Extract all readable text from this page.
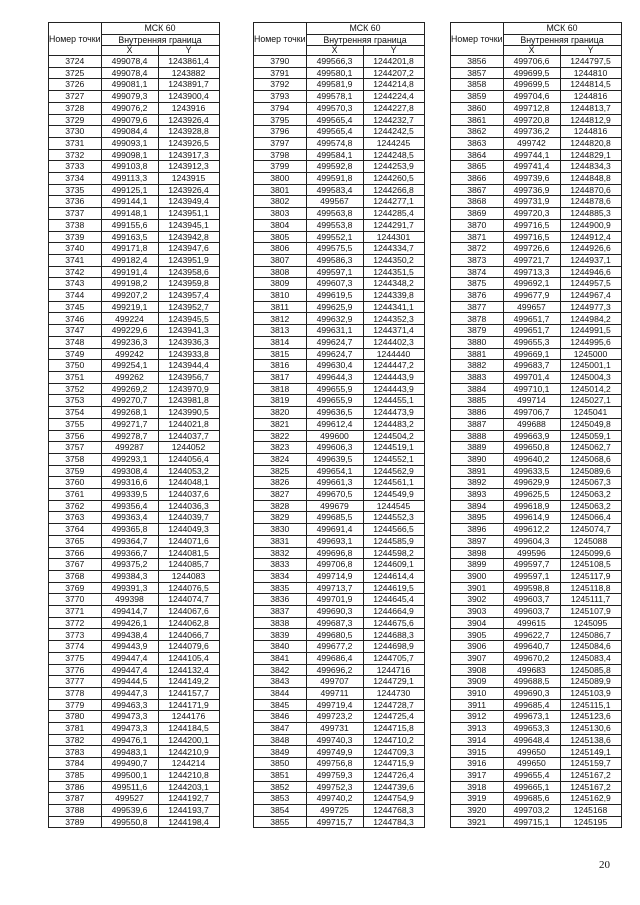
Номер точки	МСК 60	
	Внутренняя граница	
	X	Y
3724	499078,4	1243861,4
3725	499078,4	1243882
3726	499081,1	1243891,7
3727	499079,3	1243900,4
3728	499076,2	1243916
3729	499079,6	1243926,4
3730	499084,4	1243928,8
3731	499093,1	1243926,5
3732	499098,1	1243917,3
3733	499103,8	1243912,3
3734	499113,3	1243915
3735	499125,1	1243926,4
3736	499144,1	1243949,4
3737	499148,1	1243951,1
3738	499155,6	1243945,1
3739	499163,5	1243942,8
3740	499171,8	1243947,6
3741	499182,4	1243951,9
3742	499191,4	1243958,6
3743	499198,2	1243959,8
3744	499207,2	1243957,4
3745	499219,1	1243952,7
3746	499224	1243945,5
3747	499229,6	1243941,3
3748	499236,3	1243936,3
3749	499242	1243933,8
3750	499254,1	1243944,4
3751	499262	1243956,7
3752	499269,2	1243970,9
3753	499270,7	1243981,8
3754	499268,1	1243990,5
3755	499271,7	1244021,8
3756	499278,7	1244037,7
3757	499287	1244052
3758	499293,1	1244056,4
3759	499308,4	1244053,2
3760	499316,6	1244048,1
3761	499339,5	1244037,6
3762	499356,4	1244036,3
3763	499363,4	1244039,7
3764	499365,8	1244049,3
3765	499364,7	1244071,6
3766	499366,7	1244081,5
3767	499375,2	1244085,7
3768	499384,3	1244083
3769	499391,3	1244076,5
3770	499398	1244074,7
3771	499414,7	1244067,6
3772	499426,1	1244062,8
3773	499438,4	1244066,7
3774	499443,9	1244079,6
3775	499447,4	1244105,4
3776	499447,4	1244132,4
3777	499444,5	1244149,2
3778	499447,3	1244157,7
3779	499463,3	1244171,9
3780	499473,3	1244176
3781	499473,3	1244184,5
3782	499476,1	1244200,1
3783	499483,1	1244210,9
3784	499490,7	1244214
3785	499500,1	1244210,8
3786	499511,6	1244203,1
3787	499527	1244192,7
3788	499539,6	1244193,7
3789	499550,8	1244198,4
Номер точки	МСК 60	
	Внутренняя граница	
	X	Y
3790	499566,3	1244201,8
3791	499580,1	1244207,2
3792	499581,9	1244214,8
3793	499578,1	1244224,4
3794	499570,3	1244227,8
3795	499565,4	1244232,7
3796	499565,4	1244242,5
3797	499574,8	1244245
3798	499584,1	1244248,5
3799	499592,8	1244253,9
3800	499591,8	1244260,5
3801	499583,4	1244266,8
3802	499567	1244277,1
3803	499563,8	1244285,4
3804	499553,8	1244291,7
3805	499552,1	1244301
3806	499575,5	1244334,7
3807	499586,3	1244350,2
3808	499597,1	1244351,5
3809	499607,3	1244348,2
3810	499619,5	1244339,8
3811	499625,9	1244341,1
3812	499632,9	1244352,3
3813	499631,1	1244371,4
3814	499624,7	1244402,3
3815	499624,7	1244440
3816	499630,4	1244447,2
3817	499644,3	1244443,9
3818	499655,9	1244443,9
3819	499655,9	1244455,1
3820	499636,5	1244473,9
3821	499612,4	1244483,2
3822	499600	1244504,2
3823	499606,3	1244519,1
3824	499639,5	1244552,1
3825	499654,1	1244562,9
3826	499661,3	1244561,1
3827	499670,5	1244549,9
3828	499679	1244545
3829	499685,5	1244552,3
3830	499691,4	1244566,5
3831	499693,1	1244585,9
3832	499696,8	1244598,2
3833	499706,8	1244609,1
3834	499714,9	1244614,4
3835	499713,7	1244619,5
3836	499701,9	1244645,4
3837	499690,3	1244664,9
3838	499687,3	1244675,6
3839	499680,5	1244688,3
3840	499677,2	1244698,9
3841	499686,4	1244705,7
3842	499696,2	1244716
3843	499707	1244729,1
3844	499711	1244730
3845	499719,4	1244728,7
3846	499723,2	1244725,4
3847	499731	1244715,8
3848	499740,3	1244710,2
3849	499749,9	1244709,3
3850	499756,8	1244715,9
3851	499759,3	1244726,4
3852	499752,3	1244739,6
3853	499740,2	1244754,9
3854	499725	1244768,3
3855	499715,7	1244784,3
Номер точки	МСК 60	
	Внутренняя граница	
	X	Y
3856	499706,6	1244797,5
3857	499699,5	1244810
3858	499699,5	1244814,5
3859	499704,6	1244816
3860	499712,8	1244813,7
3861	499720,8	1244812,9
3862	499736,2	1244816
3863	499742	1244820,8
3864	499744,1	1244829,1
3865	499741,4	1244834,3
3866	499739,6	1244848,8
3867	499736,9	1244870,6
3868	499731,9	1244878,6
3869	499720,3	1244885,3
3870	499716,5	1244900,9
3871	499716,5	1244912,4
3872	499726,6	1244926,6
3873	499721,7	1244937,1
3874	499713,3	1244946,6
3875	499692,1	1244957,5
3876	499677,9	1244967,4
3877	499657	1244977,3
3878	499651,7	1244984,2
3879	499651,7	1244991,5
3880	499655,3	1244995,6
3881	499669,1	1245000
3882	499683,7	1245001,1
3883	499701,4	1245004,3
3884	499710,1	1245014,2
3885	499714	1245027,1
3886	499706,7	1245041
3887	499688	1245049,8
3888	499663,9	1245059,1
3889	499650,8	1245062,7
3890	499640,2	1245068,6
3891	499633,5	1245089,6
3892	499629,9	1245067,3
3893	499625,5	1245063,2
3894	499618,9	1245063,2
3895	499614,9	1245066,4
3896	499612,2	1245074,7
3897	499604,3	1245088
3898	499596	1245099,6
3899	499597,7	1245108,5
3900	499597,1	1245117,9
3901	499598,8	1245118,8
3902	499603,7	1245111,7
3903	499603,7	1245107,9
3904	499615	1245095
3905	499622,7	1245086,7
3906	499640,7	1245084,6
3907	499670,2	1245083,4
3908	499683	1245085,8
3909	499688,5	1245089,9
3910	499690,3	1245103,9
3911	499685,4	1245115,1
3912	499673,1	1245123,6
3913	499653,3	1245130,6
3914	499648,4	1245138,6
3915	499650	1245149,1
3916	499650	1245159,7
3917	499655,4	1245167,2
3918	499665,1	1245167,2
3919	499685,6	1245162,9
3920	499703,2	1245168
3921	499715,1	1245195
20
